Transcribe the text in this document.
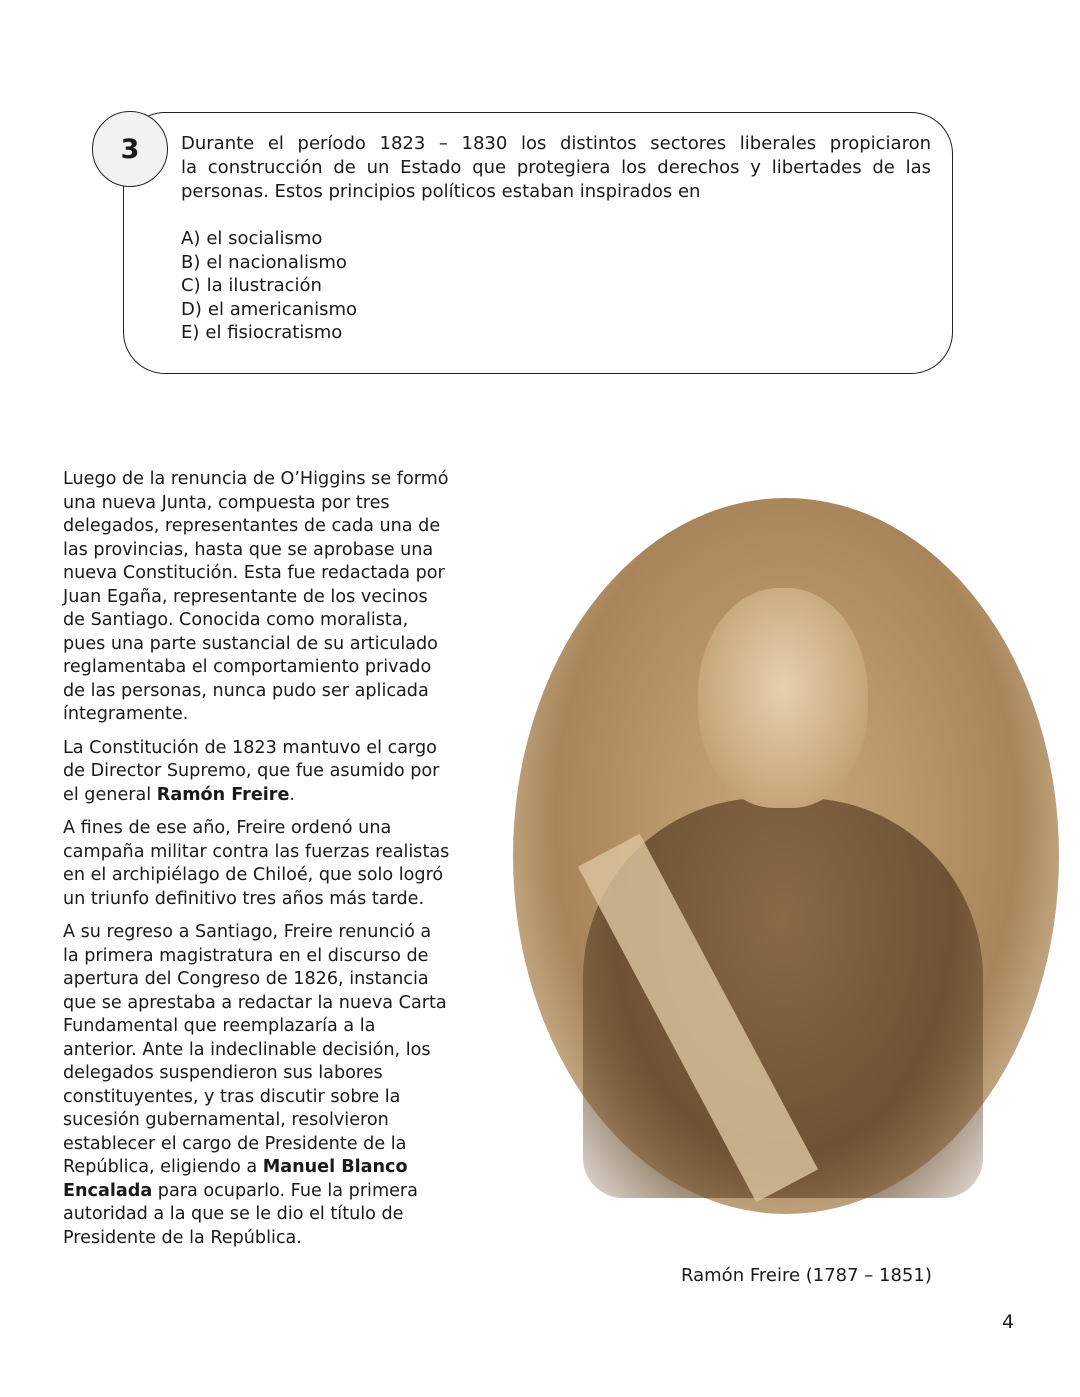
3 Durante el período 1823 – 1830 los distintos sectores liberales propiciaron
la construcción de un Estado que protegiera los derechos y libertades de las
personas. Estos principios políticos estaban inspirados en
A) el socialismo
B) el nacionalismo
C) la ilustración
D) el americanismo
E) el fisiocratismo
Luego de la renuncia de O’Higgins se formó
una nueva Junta, compuesta por tres
delegados, representantes de cada una de
las provincias, hasta que se aprobase una
nueva Constitución. Esta fue redactada por
Juan Egaña, representante de los vecinos
de Santiago. Conocida como moralista,
pues una parte sustancial de su articulado
reglamentaba el comportamiento privado
de las personas, nunca pudo ser aplicada
íntegramente.
La Constitución de 1823 mantuvo el cargo
de Director Supremo, que fue asumido por
el general Ramón Freire.
A fines de ese año, Freire ordenó una
campaña militar contra las fuerzas realistas
en el archipiélago de Chiloé, que solo logró
un triunfo definitivo tres años más tarde.
A su regreso a Santiago, Freire renunció a
la primera magistratura en el discurso de
apertura del Congreso de 1826, instancia
que se aprestaba a redactar la nueva Carta
Fundamental que reemplazaría a la
anterior. Ante la indeclinable decisión, los
delegados suspendieron sus labores
constituyentes, y tras discutir sobre la
sucesión gubernamental, resolvieron
establecer el cargo de Presidente de la
República, eligiendo a Manuel Blanco
Encalada para ocuparlo. Fue la primera
autoridad a la que se le dio el título de
Presidente de la República.
Ramón Freire (1787 – 1851)
4
